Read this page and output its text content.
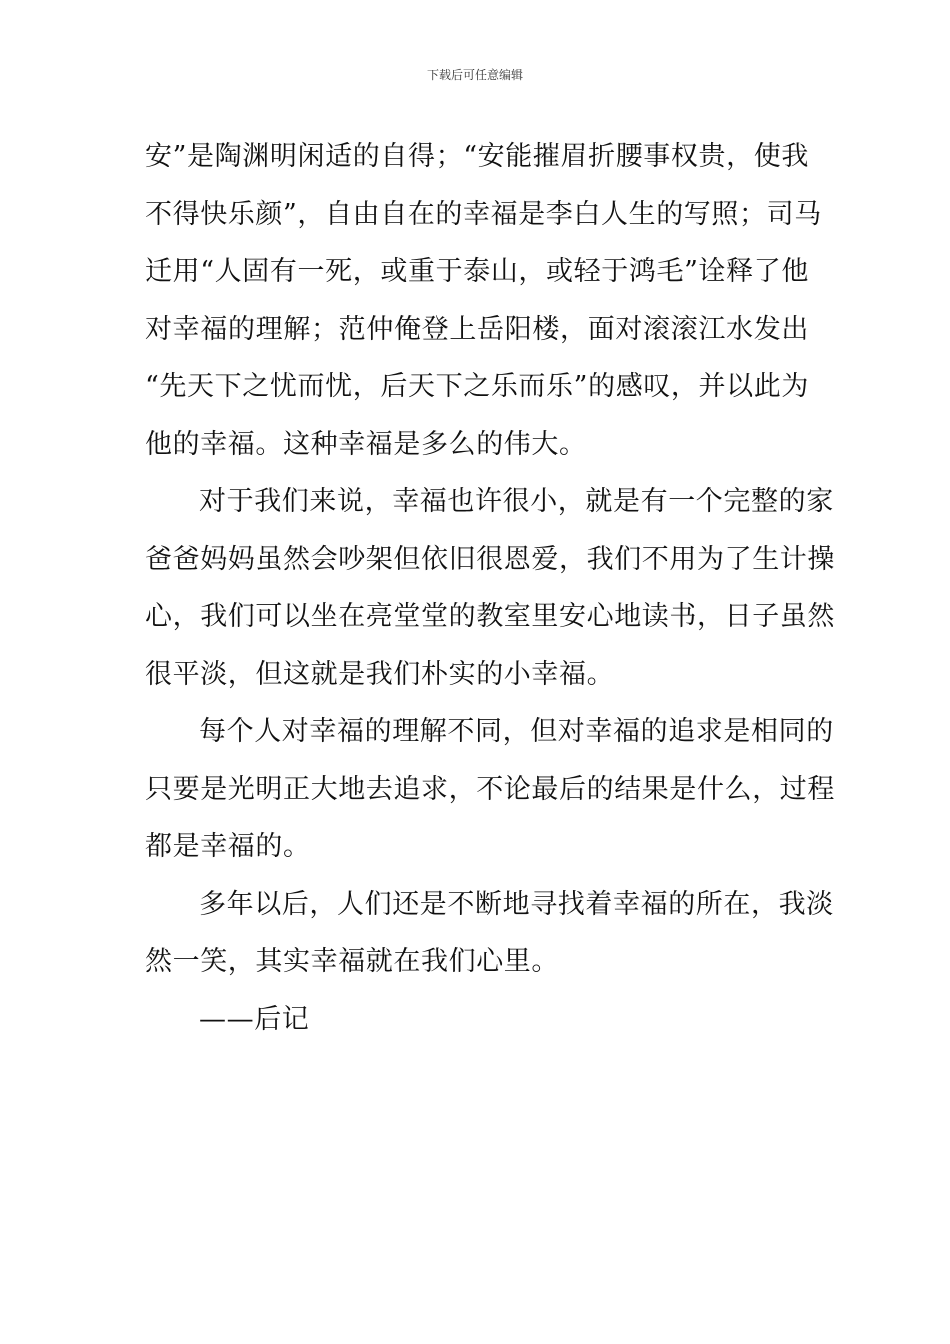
下载后可任意编辑
安”是陶渊明闲适的自得；“安能摧眉折腰事权贵，使我
不得快乐颜”，自由自在的幸福是李白人生的写照；司马
迁用“人固有一死，或重于泰山，或轻于鸿毛”诠释了他
对幸福的理解；范仲俺登上岳阳楼，面对滚滚江水发出
“先天下之忧而忧，后天下之乐而乐”的感叹，并以此为
他的幸福。这种幸福是多么的伟大。
对于我们来说，幸福也许很小，就是有一个完整的家
爸爸妈妈虽然会吵架但依旧很恩爱，我们不用为了生计操
心，我们可以坐在亮堂堂的教室里安心地读书，日子虽然
很平淡，但这就是我们朴实的小幸福。
每个人对幸福的理解不同，但对幸福的追求是相同的
只要是光明正大地去追求，不论最后的结果是什么，过程
都是幸福的。
多年以后，人们还是不断地寻找着幸福的所在，我淡
然一笑，其实幸福就在我们心里。
——后记
